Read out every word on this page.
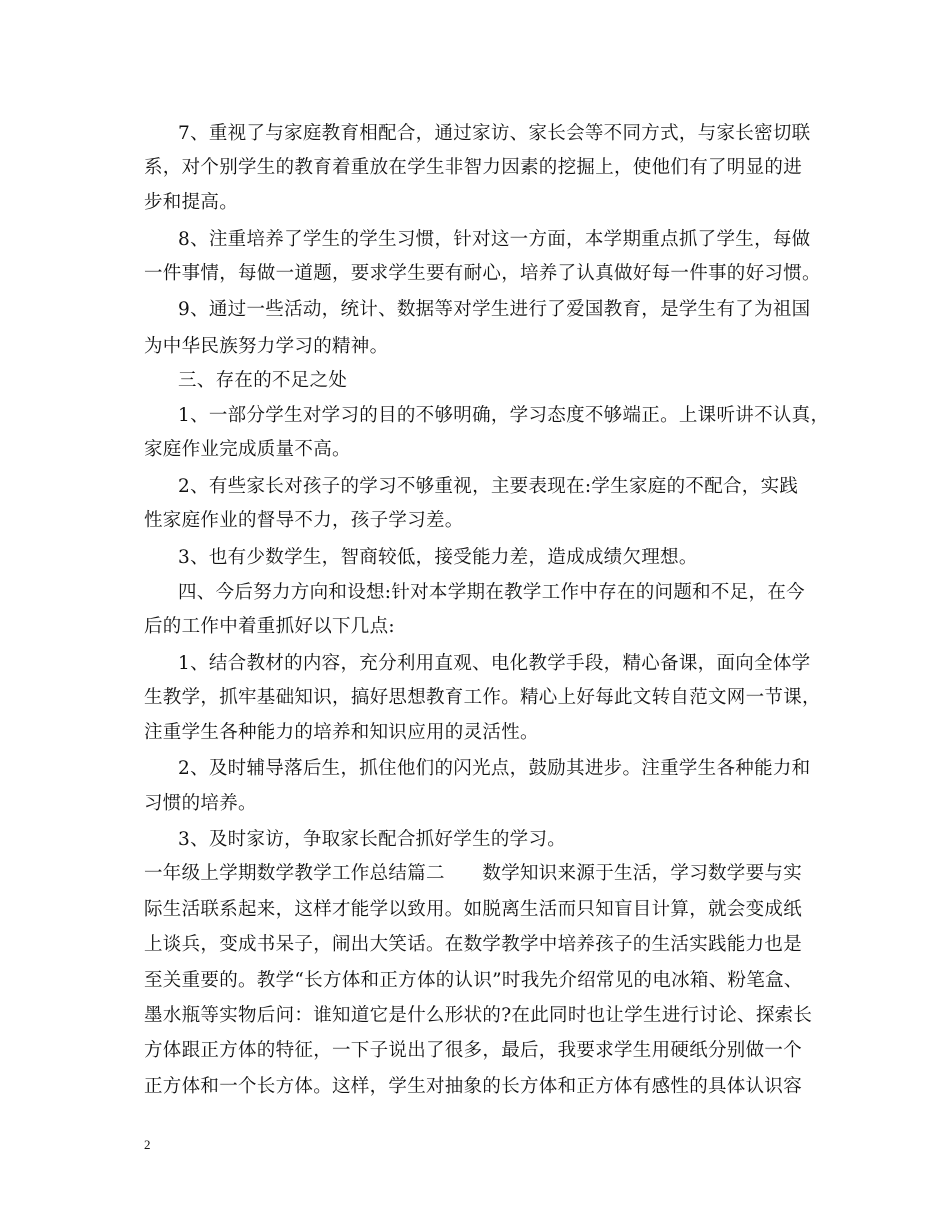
7、重视了与家庭教育相配合，通过家访、家长会等不同方式，与家长密切联
系，对个别学生的教育着重放在学生非智力因素的挖掘上，使他们有了明显的进
步和提高。
8、注重培养了学生的学生习惯，针对这一方面，本学期重点抓了学生，每做
一件事情，每做一道题，要求学生要有耐心，培养了认真做好每一件事的好习惯。
9、通过一些活动，统计、数据等对学生进行了爱国教育，是学生有了为祖国
为中华民族努力学习的精神。
三、存在的不足之处
1、一部分学生对学习的目的不够明确，学习态度不够端正。上课听讲不认真，
家庭作业完成质量不高。
2、有些家长对孩子的学习不够重视，主要表现在:学生家庭的不配合，实践
性家庭作业的督导不力，孩子学习差。
3、也有少数学生，智商较低，接受能力差，造成成绩欠理想。
四、今后努力方向和设想:针对本学期在教学工作中存在的问题和不足，在今
后的工作中着重抓好以下几点:
1、结合教材的内容，充分利用直观、电化教学手段，精心备课，面向全体学
生教学，抓牢基础知识，搞好思想教育工作。精心上好每此文转自范文网一节课，
注重学生各种能力的培养和知识应用的灵活性。
2、及时辅导落后生，抓住他们的闪光点，鼓励其进步。注重学生各种能力和
习惯的培养。
3、及时家访，争取家长配合抓好学生的学习。
一年级上学期数学教学工作总结篇二　　数学知识来源于生活，学习数学要与实
际生活联系起来，这样才能学以致用。如脱离生活而只知盲目计算，就会变成纸
上谈兵，变成书呆子，闹出大笑话。在数学教学中培养孩子的生活实践能力也是
至关重要的。教学“长方体和正方体的认识”时我先介绍常见的电冰箱、粉笔盒、
墨水瓶等实物后问：谁知道它是什么形状的?在此同时也让学生进行讨论、探索长
方体跟正方体的特征，一下子说出了很多，最后，我要求学生用硬纸分别做一个
正方体和一个长方体。这样，学生对抽象的长方体和正方体有感性的具体认识容
2
